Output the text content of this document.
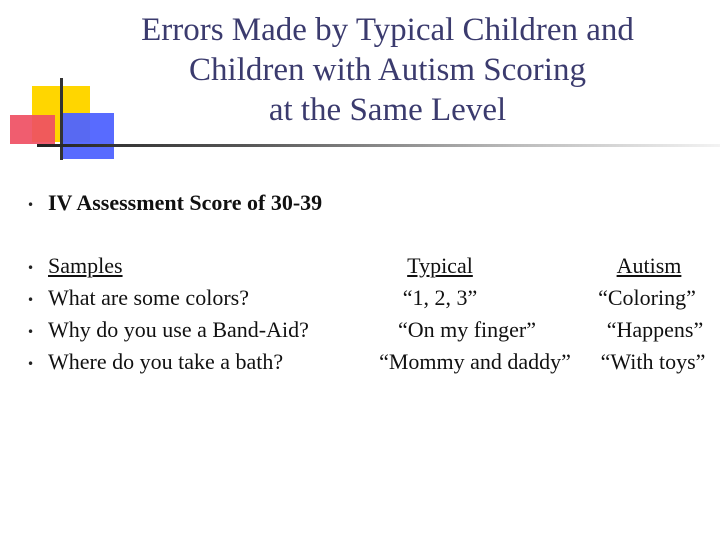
Errors Made by Typical Children and
Children with Autism Scoring
at the Same Level
• IV Assessment Score of 30-39
• Samples	Typical	Autism
• What are some colors?	“1, 2, 3”	“Coloring”
• Why do you use a Band-Aid?	“On my finger”	“Happens”
• Where do you take a bath?	“Mommy and daddy”	“With toys”
